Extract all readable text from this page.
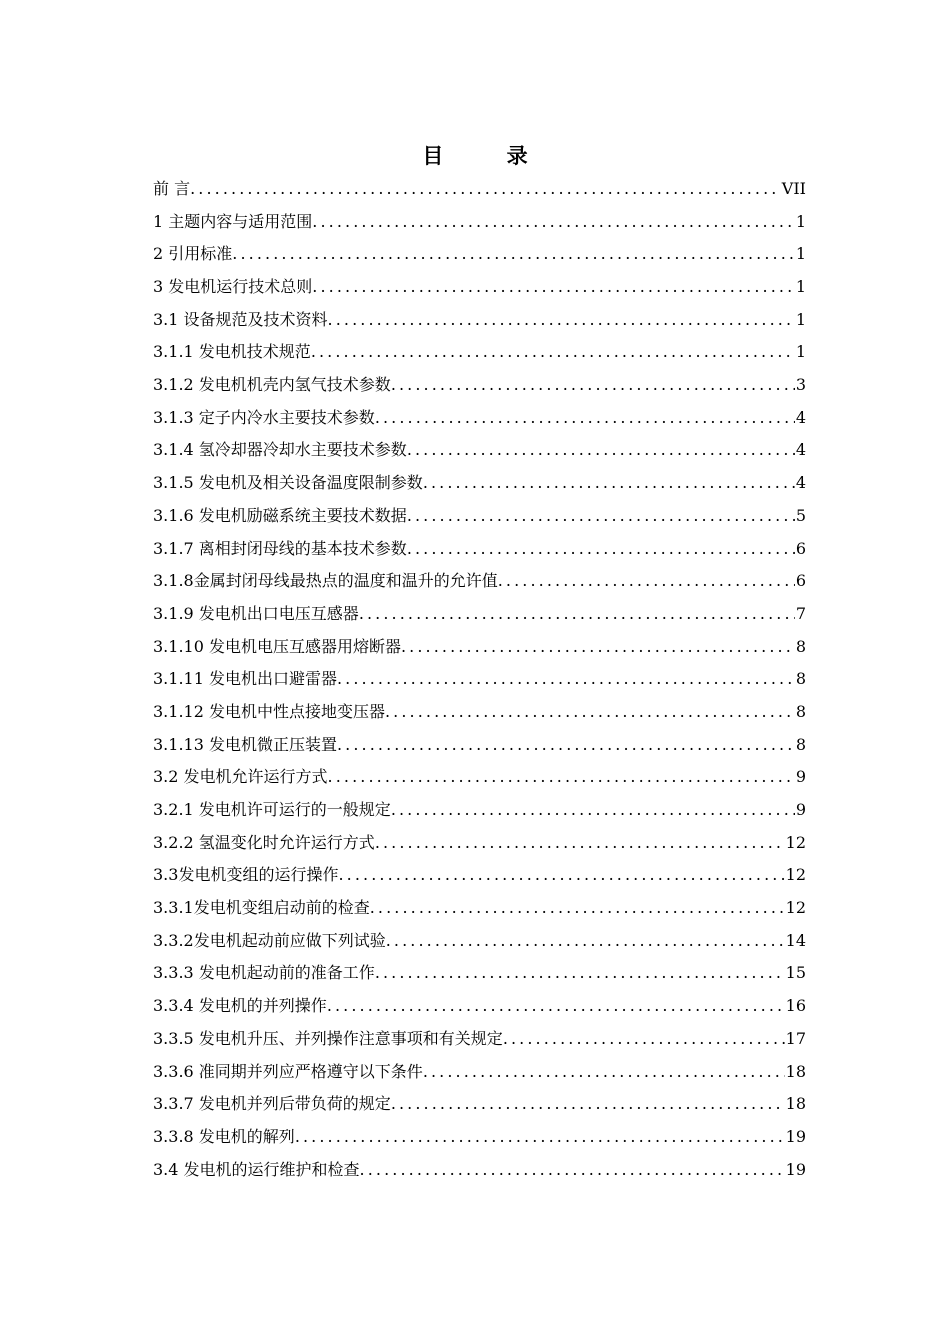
目 录
前 言 .....	VII
1 主题内容与适用范围 .....	1
2 引用标准 .....	1
3 发电机运行技术总则 .....	1
3.1 设备规范及技术资料 .....	1
3.1.1 发电机技术规范 .....	1
3.1.2 发电机机壳内氢气技术参数 .....	3
3.1.3 定子内冷水主要技术参数 .....	4
3.1.4 氢冷却器冷却水主要技术参数 .....	4
3.1.5 发电机及相关设备温度限制参数 .....	4
3.1.6 发电机励磁系统主要技术数据 .....	5
3.1.7 离相封闭母线的基本技术参数 .....	6
3.1.8金属封闭母线最热点的温度和温升的允许值 .....	6
3.1.9 发电机出口电压互感器 .....	7
3.1.10 发电机电压互感器用熔断器 .....	8
3.1.11 发电机出口避雷器 .....	8
3.1.12 发电机中性点接地变压器 .....	8
3.1.13 发电机微正压装置 .....	8
3.2 发电机允许运行方式 .....	9
3.2.1 发电机许可运行的一般规定 .....	9
3.2.2 氢温变化时允许运行方式 .....	12
3.3发电机变组的运行操作 .....	12
3.3.1发电机变组启动前的检查 .....	12
3.3.2发电机起动前应做下列试验 .....	14
3.3.3 发电机起动前的准备工作 .....	15
3.3.4 发电机的并列操作 .....	16
3.3.5 发电机升压、并列操作注意事项和有关规定 .....	17
3.3.6 准同期并列应严格遵守以下条件 .....	18
3.3.7 发电机并列后带负荷的规定 .....	18
3.3.8 发电机的解列 .....	19
3.4 发电机的运行维护和检查 .....	19
